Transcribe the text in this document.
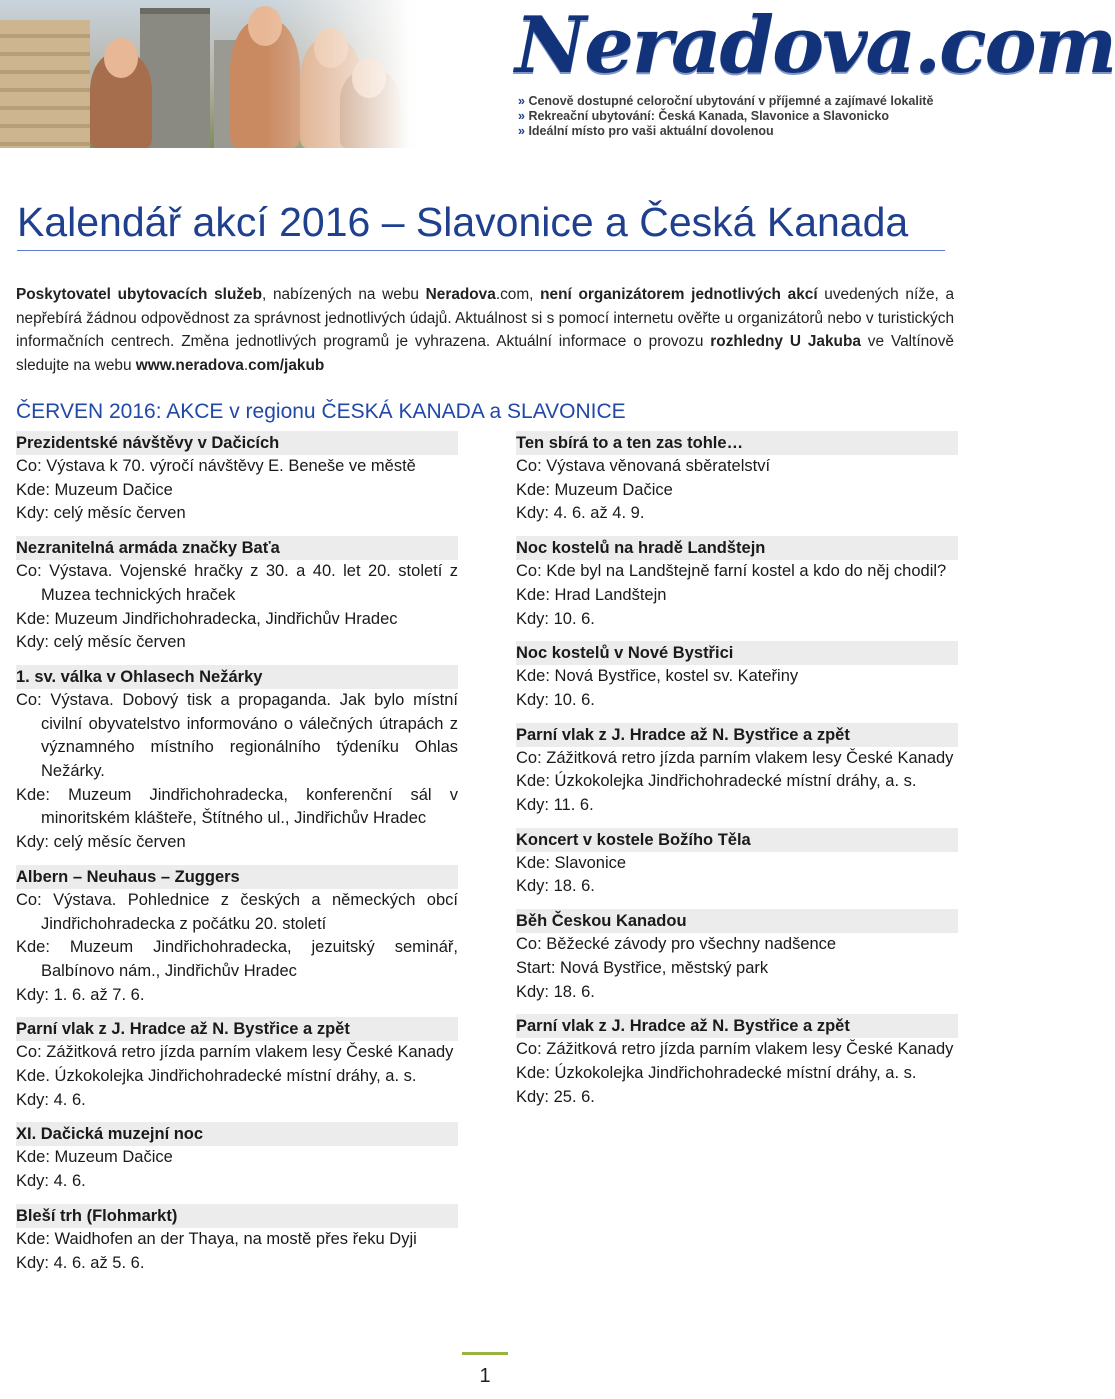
Neradova.com
» Cenově dostupné celoroční ubytování v příjemné a zajímavé lokalitě
» Rekreační ubytování: Česká Kanada, Slavonice a Slavonicko
» Ideální místo pro vaši aktuální dovolenou
Kalendář akcí 2016 – Slavonice a Česká Kanada
Poskytovatel ubytovacích služeb, nabízených na webu Neradova.com, není organizátorem jednotlivých akcí uvedených níže, a nepřebírá žádnou odpovědnost za správnost jednotlivých údajů. Aktuálnost si s pomocí internetu ověřte u organizátorů nebo v turistických informačních centrech. Změna jednotlivých programů je vyhrazena. Aktuální informace o provozu rozhledny U Jakuba ve Valtínově sledujte na webu www.neradova.com/jakub
ČERVEN 2016: AKCE v regionu ČESKÁ KANADA a SLAVONICE
Prezidentské návštěvy v Dačicích
Co: Výstava k 70. výročí návštěvy E. Beneše ve městě
Kde: Muzeum Dačice
Kdy: celý měsíc červen
Nezranitelná armáda značky Baťa
Co: Výstava. Vojenské hračky z 30. a 40. let 20. století z Muzea technických hraček
Kde: Muzeum Jindřichohradecka, Jindřichův Hradec
Kdy: celý měsíc červen
1. sv. válka v Ohlasech Nežárky
Co: Výstava. Dobový tisk a propaganda. Jak bylo místní civilní obyvatelstvo informováno o válečných útrapách z významného místního regionálního týdeníku Ohlas Nežárky.
Kde: Muzeum Jindřichohradecka, konferenční sál v minoritském klášteře, Štítného ul., Jindřichův Hradec
Kdy: celý měsíc červen
Albern – Neuhaus – Zuggers
Co: Výstava. Pohlednice z českých a německých obcí Jindřichohradecka z počátku 20. století
Kde: Muzeum Jindřichohradecka, jezuitský seminář, Balbínovo nám., Jindřichův Hradec
Kdy: 1. 6. až 7. 6.
Parní vlak z J. Hradce až N. Bystřice a zpět
Co: Zážitková retro jízda parním vlakem lesy České Kanady
Kde. Úzkokolejka Jindřichohradecké místní dráhy, a. s.
Kdy: 4. 6.
XI. Dačická muzejní noc
Kde: Muzeum Dačice
Kdy: 4. 6.
Bleší trh (Flohmarkt)
Kde: Waidhofen an der Thaya, na mostě přes řeku Dyji
Kdy: 4. 6. až 5. 6.
Ten sbírá to a ten zas tohle…
Co: Výstava věnovaná sběratelství
Kde: Muzeum Dačice
Kdy: 4. 6. až 4. 9.
Noc kostelů na hradě Landštejn
Co: Kde byl na Landštejně farní kostel a kdo do něj chodil?
Kde: Hrad Landštejn
Kdy: 10. 6.
Noc kostelů v Nové Bystřici
Kde: Nová Bystřice, kostel sv. Kateřiny
Kdy: 10. 6.
Parní vlak z J. Hradce až N. Bystřice a zpět
Co: Zážitková retro jízda parním vlakem lesy České Kanady
Kde: Úzkokolejka Jindřichohradecké místní dráhy, a. s.
Kdy: 11. 6.
Koncert v kostele Božího Těla
Kde: Slavonice
Kdy: 18. 6.
Běh Českou Kanadou
Co: Běžecké závody pro všechny nadšence
Start: Nová Bystřice, městský park
Kdy: 18. 6.
Parní vlak z J. Hradce až N. Bystřice a zpět
Co: Zážitková retro jízda parním vlakem lesy České Kanady
Kde: Úzkokolejka Jindřichohradecké místní dráhy, a. s.
Kdy: 25. 6.
1
